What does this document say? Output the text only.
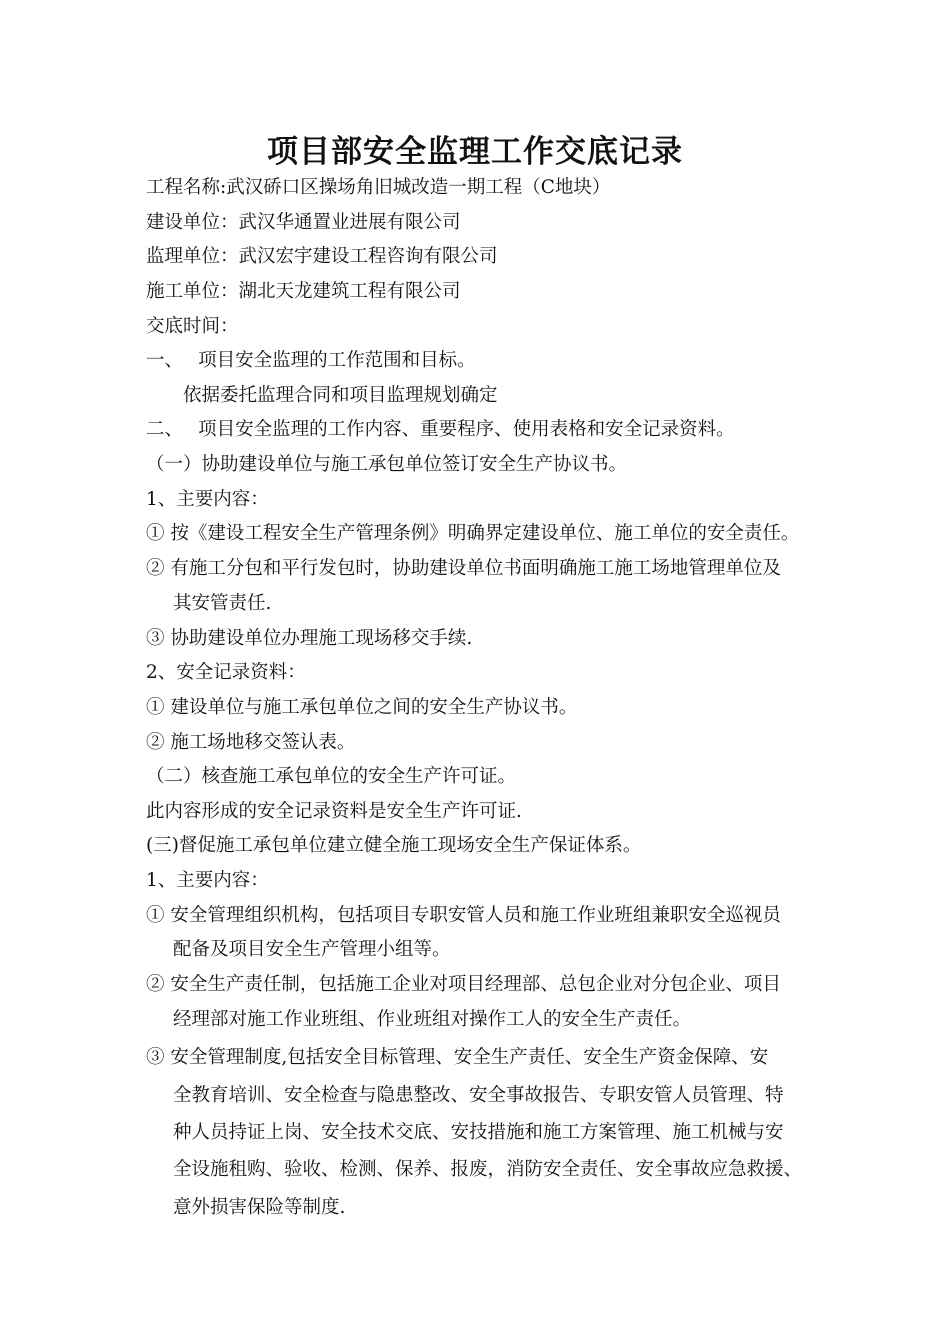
项目部安全监理工作交底记录
工程名称:武汉硚口区操场角旧城改造一期工程（C地块）
建设单位：武汉华通置业进展有限公司
监理单位：武汉宏宇建设工程咨询有限公司
施工单位：湖北天龙建筑工程有限公司
交底时间：
一、　 项目安全监理的工作范围和目标。
依据委托监理合同和项目监理规划确定
二、　 项目安全监理的工作内容、重要程序、使用表格和安全记录资料。
（一）协助建设单位与施工承包单位签订安全生产协议书。
1、主要内容：
① 按《建设工程安全生产管理条例》明确界定建设单位、施工单位的安全责任。
② 有施工分包和平行发包时，协助建设单位书面明确施工施工场地管理单位及
其安管责任.
③ 协助建设单位办理施工现场移交手续.
2、安全记录资料：
① 建设单位与施工承包单位之间的安全生产协议书。
② 施工场地移交签认表。
（二）核查施工承包单位的安全生产许可证。
此内容形成的安全记录资料是安全生产许可证.
(三)督促施工承包单位建立健全施工现场安全生产保证体系。
1、主要内容：
① 安全管理组织机构，包括项目专职安管人员和施工作业班组兼职安全巡视员
配备及项目安全生产管理小组等。
② 安全生产责任制，包括施工企业对项目经理部、总包企业对分包企业、项目
经理部对施工作业班组、作业班组对操作工人的安全生产责任。
③ 安全管理制度,包括安全目标管理、安全生产责任、安全生产资金保障、安
全教育培训、安全检查与隐患整改、安全事故报告、专职安管人员管理、特
种人员持证上岗、安全技术交底、安技措施和施工方案管理、施工机械与安
全设施租购、验收、检测、保养、报废，消防安全责任、安全事故应急救援、
意外损害保险等制度.
